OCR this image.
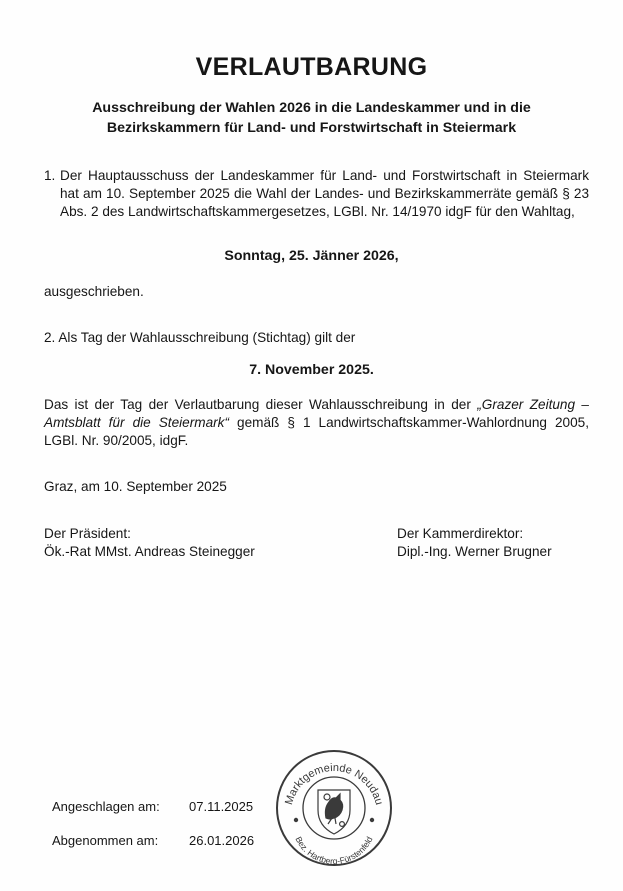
VERLAUTBARUNG
Ausschreibung der Wahlen 2026 in die Landeskammer und in die
Bezirkskammern für Land- und Forstwirtschaft in Steiermark
1. Der Hauptausschuss der Landeskammer für Land- und Forstwirtschaft in Steiermark hat am 10. September 2025 die Wahl der Landes- und Bezirkskammerräte gemäß § 23 Abs. 2 des Landwirtschaftskammergesetzes, LGBl. Nr. 14/1970 idgF für den Wahltag,
Sonntag, 25. Jänner 2026,
ausgeschrieben.
2. Als Tag der Wahlausschreibung (Stichtag) gilt der
7. November 2025.
Das ist der Tag der Verlautbarung dieser Wahlausschreibung in der „Grazer Zeitung – Amtsblatt für die Steiermark“ gemäß § 1 Landwirtschaftskammer-Wahlordnung 2005, LGBl. Nr. 90/2005, idgF.
Graz, am 10. September 2025
Der Präsident:
Ök.-Rat MMst. Andreas Steinegger
Der Kammerdirektor:
Dipl.-Ing. Werner Brugner
Angeschlagen am: 07.11.2025
Abgenommen am: 26.01.2026
Marktgemeinde Neudau
Bez. Hartberg-Fürstenfeld
